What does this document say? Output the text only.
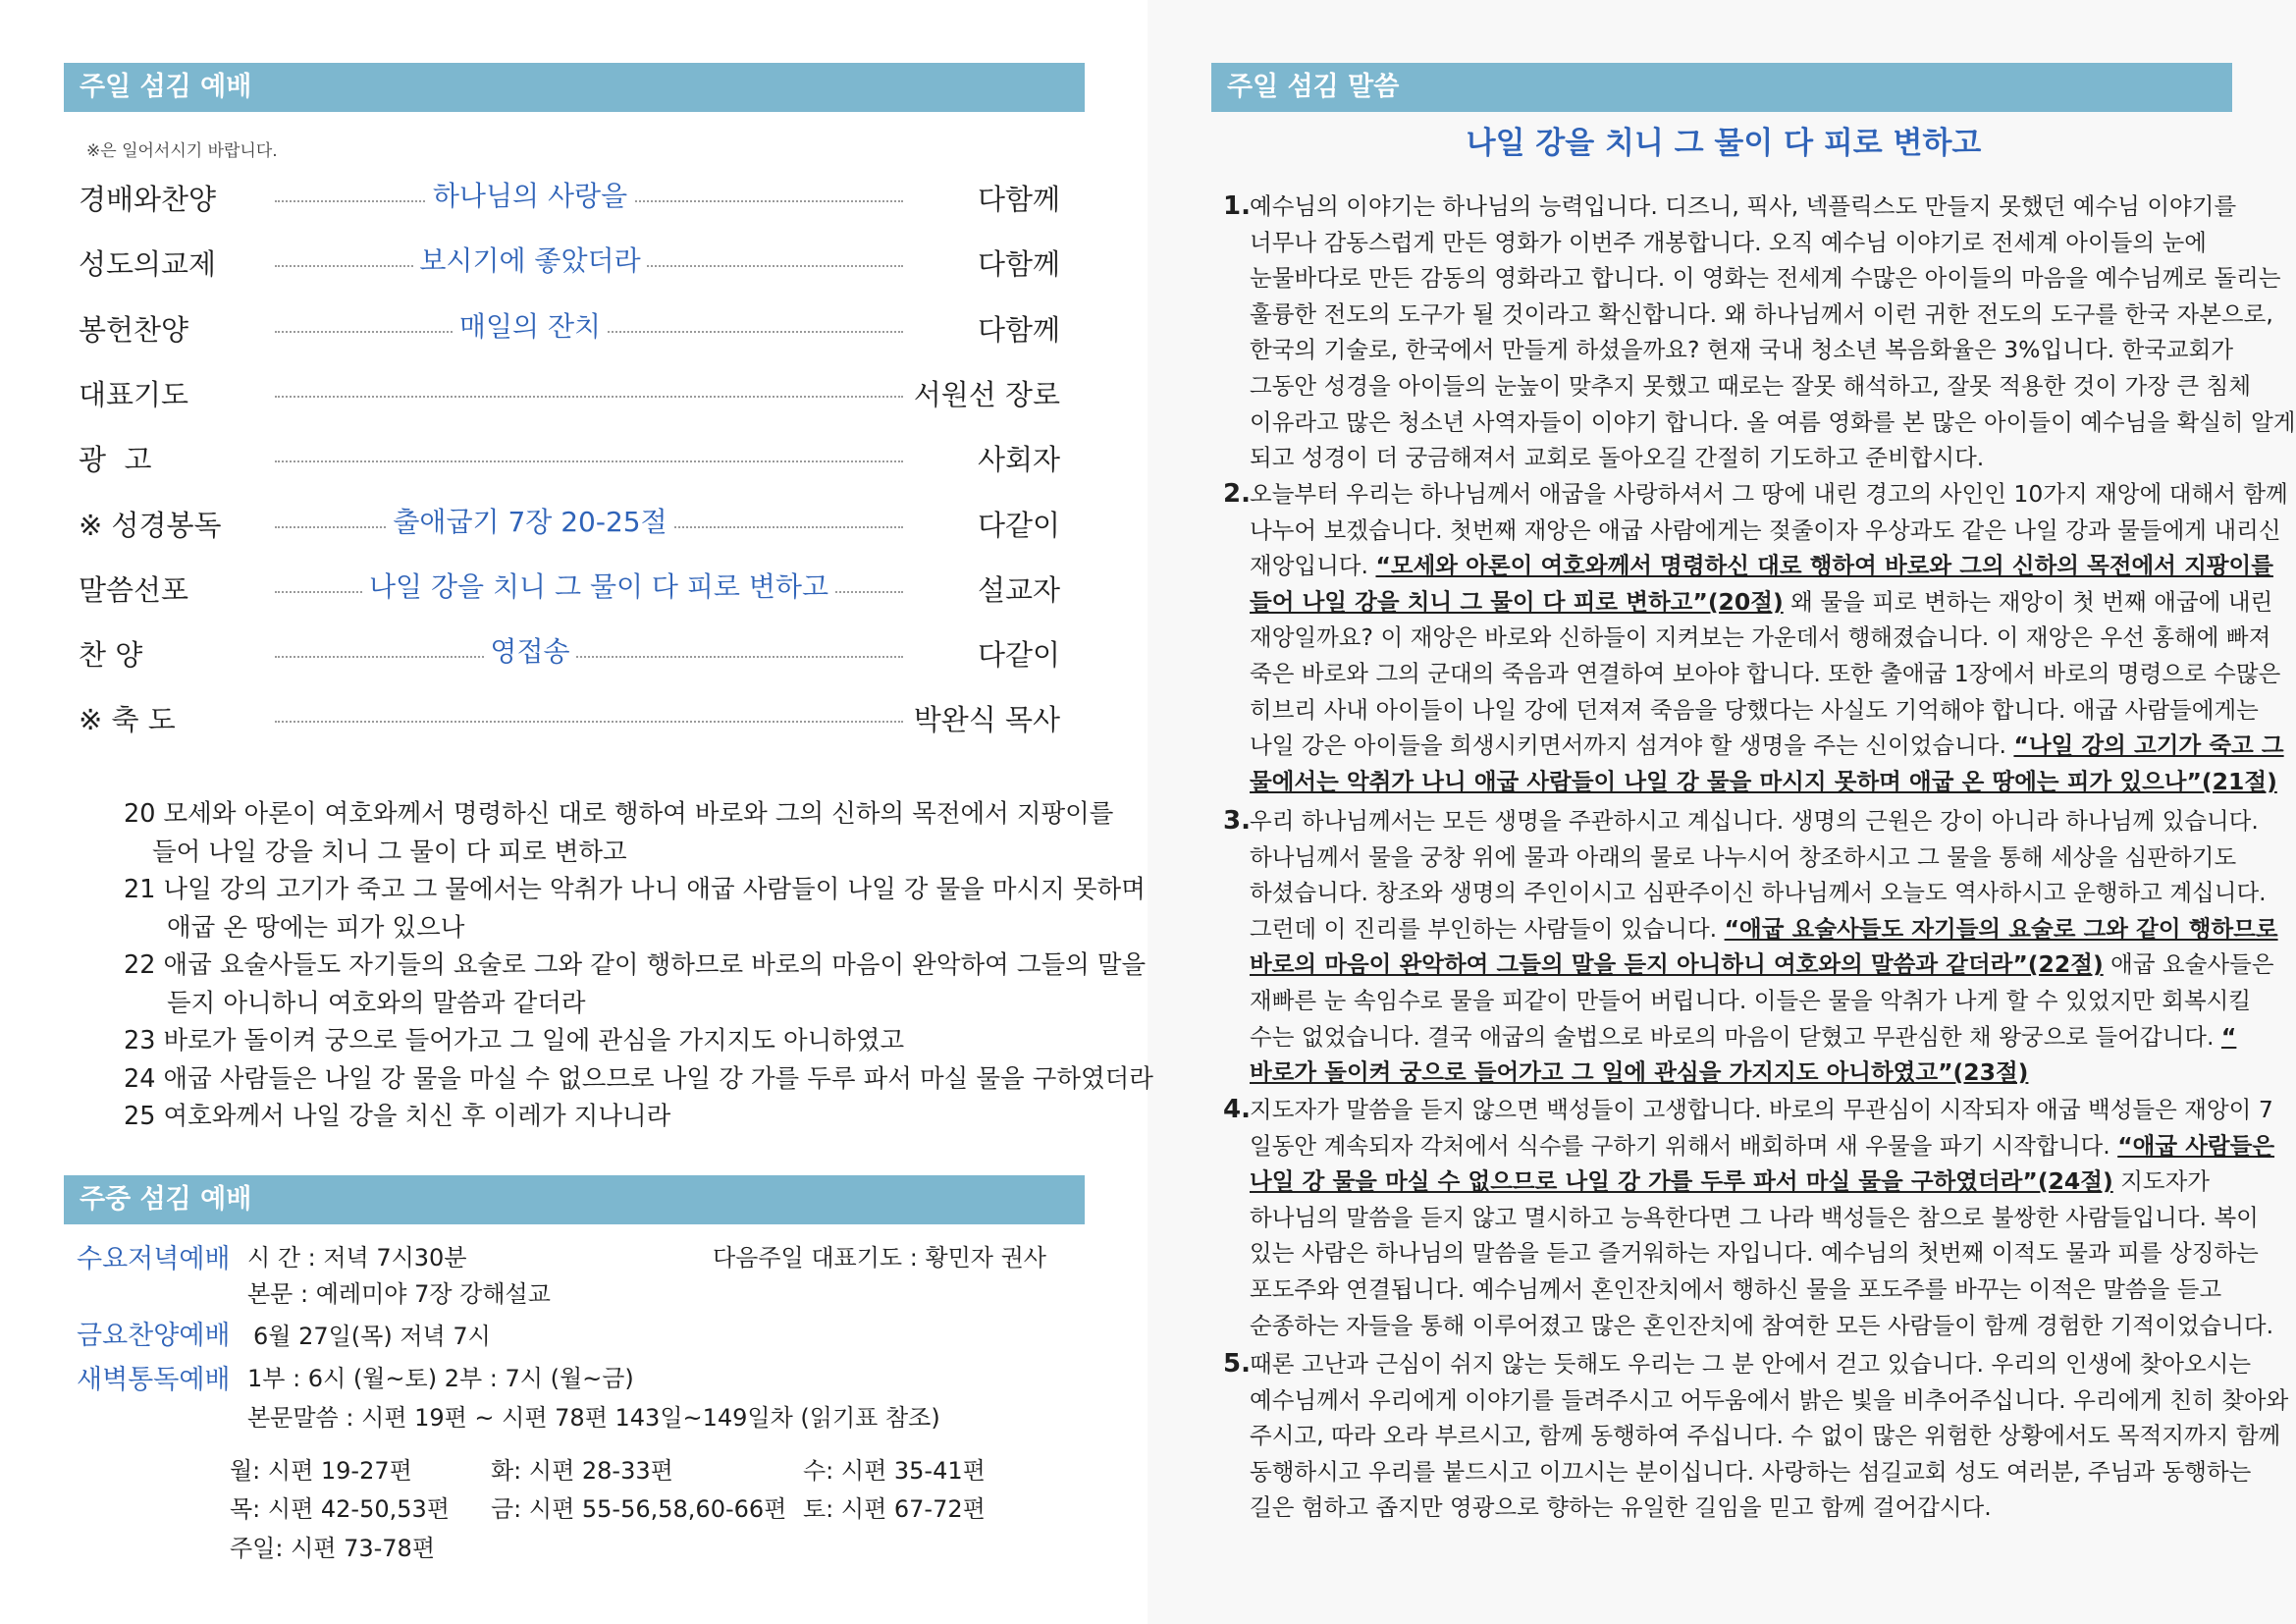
주일 섬김 예배
※은 일어서시기 바랍니다.
경배와찬양	하나님의 사랑을	다함께
성도의교제	보시기에 좋았더라	다함께
봉헌찬양	매일의 잔치	다함께
대표기도	서원선 장로
광  고	사회자
※ 성경봉독	출애굽기 7장 20-25절	다같이
말씀선포	나일 강을 치니 그 물이 다 피로 변하고	설교자
찬 양	영접송	다같이
※ 축 도	박완식 목사
20 모세와 아론이 여호와께서 명령하신 대로 행하여 바로와 그의 신하의 목전에서 지팡이를
들어 나일 강을 치니 그 물이 다 피로 변하고
21 나일 강의 고기가 죽고 그 물에서는 악취가 나니 애굽 사람들이 나일 강 물을 마시지 못하며
애굽 온 땅에는 피가 있으나
22 애굽 요술사들도 자기들의 요술로 그와 같이 행하므로 바로의 마음이 완악하여 그들의 말을
듣지 아니하니 여호와의 말씀과 같더라
23 바로가 돌이켜 궁으로 들어가고 그 일에 관심을 가지지도 아니하였고
24 애굽 사람들은 나일 강 물을 마실 수 없으므로 나일 강 가를 두루 파서 마실 물을 구하였더라
25 여호와께서 나일 강을 치신 후 이레가 지나니라
주중 섬김 예배
수요저녁예배 시 간 : 저녁 7시30분	다음주일 대표기도 : 황민자 권사
본문 : 예레미야 7장 강해설교
금요찬양예배 6월 27일(목) 저녁 7시
새벽통독예배 1부 : 6시 (월~토) 2부 : 7시 (월~금)
본문말씀 : 시편 19편 ~ 시편 78편 143일~149일차 (읽기표 참조)
월: 시편 19-27편	화: 시편 28-33편	수: 시편 35-41편
목: 시편 42-50,53편 금: 시편 55-56,58,60-66편 토: 시편 67-72편
주일: 시편 73-78편
주일 섬김 말씀
나일 강을 치니 그 물이 다 피로 변하고
1. 예수님의 이야기는 하나님의 능력입니다. 디즈니, 픽사, 넥플릭스도 만들지 못했던 예수님 이야기를
너무나 감동스럽게 만든 영화가 이번주 개봉합니다. 오직 예수님 이야기로 전세계 아이들의 눈에
눈물바다로 만든 감동의 영화라고 합니다. 이 영화는 전세계 수많은 아이들의 마음을 예수님께로 돌리는
훌륭한 전도의 도구가 될 것이라고 확신합니다. 왜 하나님께서 이런 귀한 전도의 도구를 한국 자본으로,
한국의 기술로, 한국에서 만들게 하셨을까요? 현재 국내 청소년 복음화율은 3%입니다. 한국교회가
그동안 성경을 아이들의 눈높이 맞추지 못했고 때로는 잘못 해석하고, 잘못 적용한 것이 가장 큰 침체
이유라고 많은 청소년 사역자들이 이야기 합니다. 올 여름 영화를 본 많은 아이들이 예수님을 확실히 알게
되고 성경이 더 궁금해져서 교회로 돌아오길 간절히 기도하고 준비합시다.
2. 오늘부터 우리는 하나님께서 애굽을 사랑하셔서 그 땅에 내린 경고의 사인인 10가지 재앙에 대해서 함께
나누어 보겠습니다. 첫번째 재앙은 애굽 사람에게는 젖줄이자 우상과도 같은 나일 강과 물들에게 내리신
재앙입니다. “모세와 아론이 여호와께서 명령하신 대로 행하여 바로와 그의 신하의 목전에서 지팡이를
들어 나일 강을 치니 그 물이 다 피로 변하고”(20절) 왜 물을 피로 변하는 재앙이 첫 번째 애굽에 내린
재앙일까요? 이 재앙은 바로와 신하들이 지켜보는 가운데서 행해졌습니다. 이 재앙은 우선 홍해에 빠져
죽은 바로와 그의 군대의 죽음과 연결하여 보아야 합니다. 또한 출애굽 1장에서 바로의 명령으로 수많은
히브리 사내 아이들이 나일 강에 던져져 죽음을 당했다는 사실도 기억해야 합니다. 애굽 사람들에게는
나일 강은 아이들을 희생시키면서까지 섬겨야 할 생명을 주는 신이었습니다. “나일 강의 고기가 죽고 그
물에서는 악취가 나니 애굽 사람들이 나일 강 물을 마시지 못하며 애굽 온 땅에는 피가 있으나”(21절)
3. 우리 하나님께서는 모든 생명을 주관하시고 계십니다. 생명의 근원은 강이 아니라 하나님께 있습니다.
하나님께서 물을 궁창 위에 물과 아래의 물로 나누시어 창조하시고 그 물을 통해 세상을 심판하기도
하셨습니다. 창조와 생명의 주인이시고 심판주이신 하나님께서 오늘도 역사하시고 운행하고 계십니다.
그런데 이 진리를 부인하는 사람들이 있습니다. “애굽 요술사들도 자기들의 요술로 그와 같이 행하므로
바로의 마음이 완악하여 그들의 말을 듣지 아니하니 여호와의 말씀과 같더라”(22절) 애굽 요술사들은
재빠른 눈 속임수로 물을 피같이 만들어 버립니다. 이들은 물을 악취가 나게 할 수 있었지만 회복시킬
수는 없었습니다. 결국 애굽의 술법으로 바로의 마음이 닫혔고 무관심한 채 왕궁으로 들어갑니다. “
바로가 돌이켜 궁으로 들어가고 그 일에 관심을 가지지도 아니하였고”(23절)
4. 지도자가 말씀을 듣지 않으면 백성들이 고생합니다. 바로의 무관심이 시작되자 애굽 백성들은 재앙이 7
일동안 계속되자 각처에서 식수를 구하기 위해서 배회하며 새 우물을 파기 시작합니다. “애굽 사람들은
나일 강 물을 마실 수 없으므로 나일 강 가를 두루 파서 마실 물을 구하였더라”(24절) 지도자가
하나님의 말씀을 듣지 않고 멸시하고 능욕한다면 그 나라 백성들은 참으로 불쌍한 사람들입니다. 복이
있는 사람은 하나님의 말씀을 듣고 즐거워하는 자입니다. 예수님의 첫번째 이적도 물과 피를 상징하는
포도주와 연결됩니다. 예수님께서 혼인잔치에서 행하신 물을 포도주를 바꾸는 이적은 말씀을 듣고
순종하는 자들을 통해 이루어졌고 많은 혼인잔치에 참여한 모든 사람들이 함께 경험한 기적이었습니다.
5. 때론 고난과 근심이 쉬지 않는 듯해도 우리는 그 분 안에서 걷고 있습니다. 우리의 인생에 찾아오시는
예수님께서 우리에게 이야기를 들려주시고 어두움에서 밝은 빛을 비추어주십니다. 우리에게 친히 찾아와
주시고, 따라 오라 부르시고, 함께 동행하여 주십니다. 수 없이 많은 위험한 상황에서도 목적지까지 함께
동행하시고 우리를 붙드시고 이끄시는 분이십니다. 사랑하는 섬길교회 성도 여러분, 주님과 동행하는
길은 험하고 좁지만 영광으로 향하는 유일한 길임을 믿고 함께 걸어갑시다.
